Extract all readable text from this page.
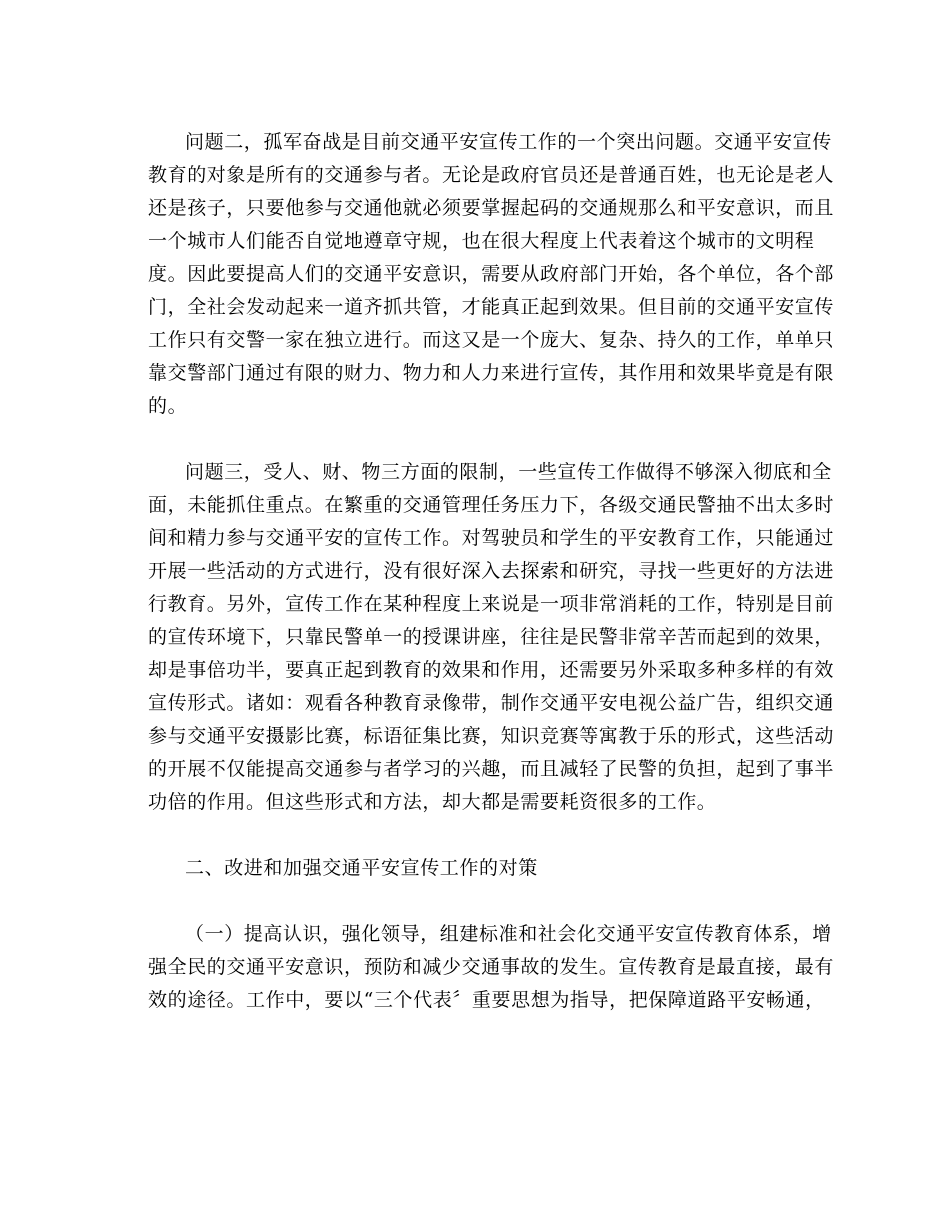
问题二，孤军奋战是目前交通平安宣传工作的一个突出问题。交通平安宣传
教育的对象是所有的交通参与者。无论是政府官员还是普通百姓，也无论是老人
还是孩子，只要他参与交通他就必须要掌握起码的交通规那么和平安意识，而且
一个城市人们能否自觉地遵章守规，也在很大程度上代表着这个城市的文明程
度。因此要提高人们的交通平安意识，需要从政府部门开始，各个单位，各个部
门，全社会发动起来一道齐抓共管，才能真正起到效果。但目前的交通平安宣传
工作只有交警一家在独立进行。而这又是一个庞大、复杂、持久的工作，单单只
靠交警部门通过有限的财力、物力和人力来进行宣传，其作用和效果毕竟是有限
的。
问题三，受人、财、物三方面的限制，一些宣传工作做得不够深入彻底和全
面，未能抓住重点。在繁重的交通管理任务压力下，各级交通民警抽不出太多时
间和精力参与交通平安的宣传工作。对驾驶员和学生的平安教育工作，只能通过
开展一些活动的方式进行，没有很好深入去探索和研究，寻找一些更好的方法进
行教育。另外，宣传工作在某种程度上来说是一项非常消耗的工作，特别是目前
的宣传环境下，只靠民警单一的授课讲座，往往是民警非常辛苦而起到的效果，
却是事倍功半，要真正起到教育的效果和作用，还需要另外采取多种多样的有效
宣传形式。诸如：观看各种教育录像带，制作交通平安电视公益广告，组织交通
参与交通平安摄影比赛，标语征集比赛，知识竞赛等寓教于乐的形式，这些活动
的开展不仅能提高交通参与者学习的兴趣，而且减轻了民警的负担，起到了事半
功倍的作用。但这些形式和方法，却大都是需要耗资很多的工作。
二、改进和加强交通平安宣传工作的对策
（一）提高认识，强化领导，组建标准和社会化交通平安宣传教育体系，增
强全民的交通平安意识，预防和减少交通事故的发生。宣传教育是最直接，最有
效的途径。工作中，要以“三个代表〞重要思想为指导，把保障道路平安畅通，
